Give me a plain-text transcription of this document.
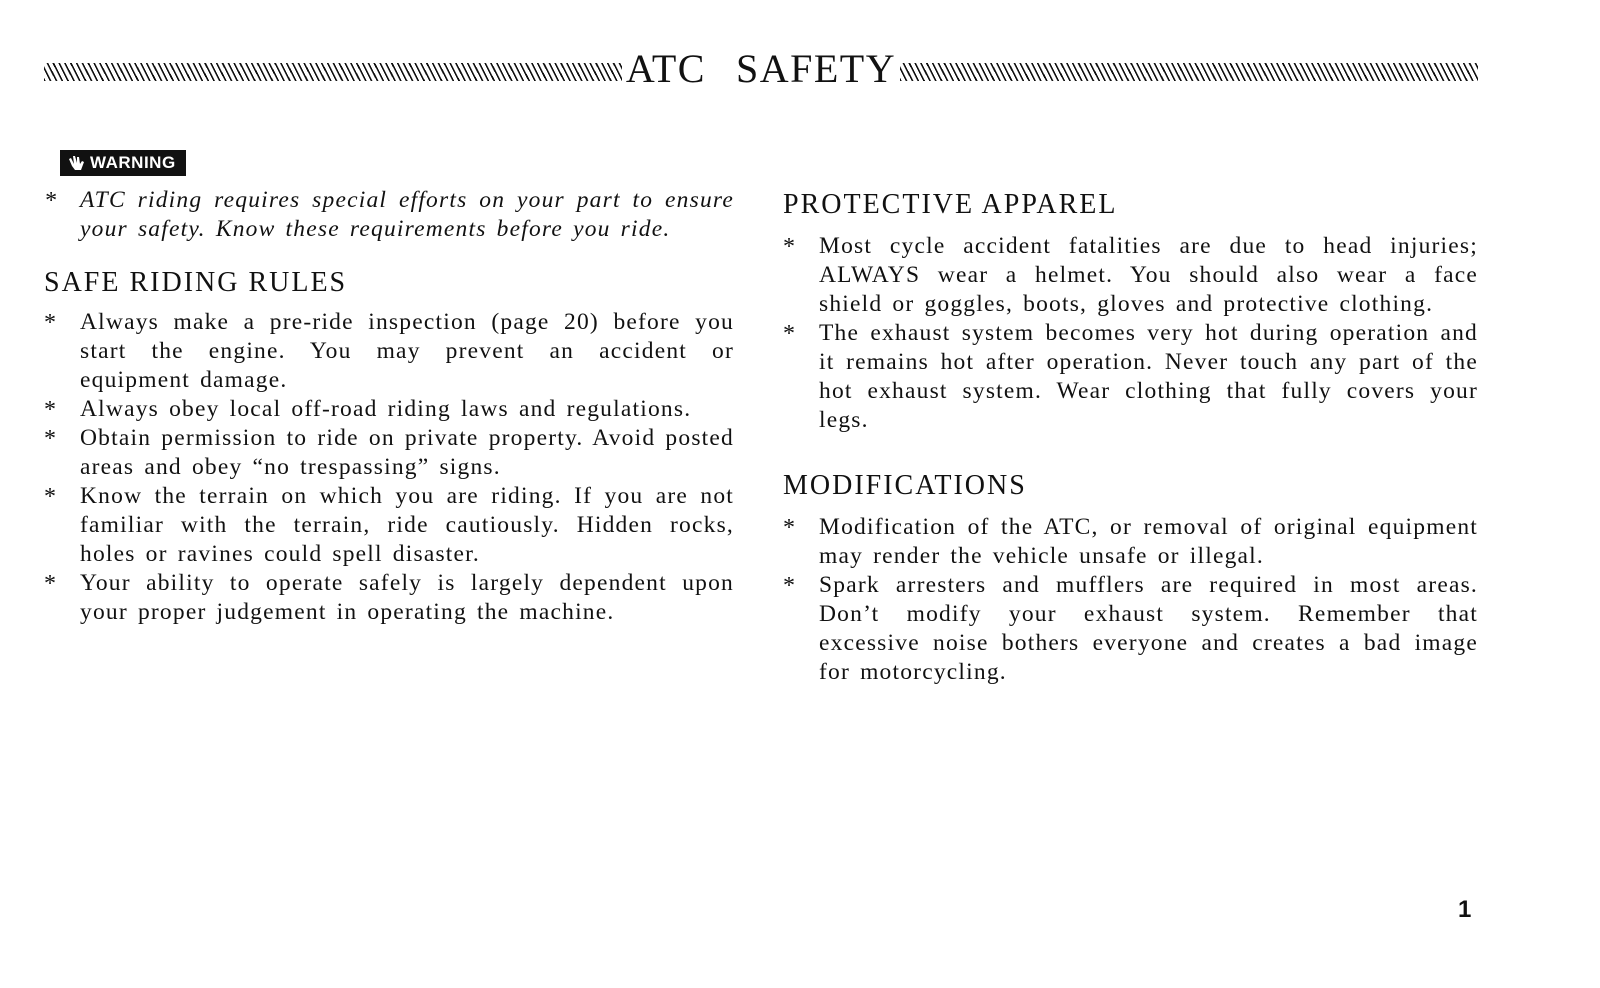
ATC SAFETY
WARNING
* ATC riding requires special efforts on your part to ensure your safety. Know these requirements before you ride.
SAFE RIDING RULES
* Always make a pre-ride inspection (page 20) before you start the engine. You may prevent an accident or equipment damage.
* Always obey local off-road riding laws and regulations.
* Obtain permission to ride on private property. Avoid posted areas and obey “no trespassing” signs.
* Know the terrain on which you are riding. If you are not familiar with the terrain, ride cautiously. Hidden rocks, holes or ravines could spell disaster.
* Your ability to operate safely is largely dependent upon your proper judgement in operating the machine.
PROTECTIVE APPAREL
* Most cycle accident fatalities are due to head injuries; ALWAYS wear a helmet. You should also wear a face shield or goggles, boots, gloves and protective clothing.
* The exhaust system becomes very hot during operation and it remains hot after operation. Never touch any part of the hot exhaust system. Wear clothing that fully covers your legs.
MODIFICATIONS
* Modification of the ATC, or removal of original equipment may render the vehicle unsafe or illegal.
* Spark arresters and mufflers are required in most areas. Don’t modify your exhaust system. Remember that excessive noise bothers everyone and creates a bad image for motorcycling.
1
